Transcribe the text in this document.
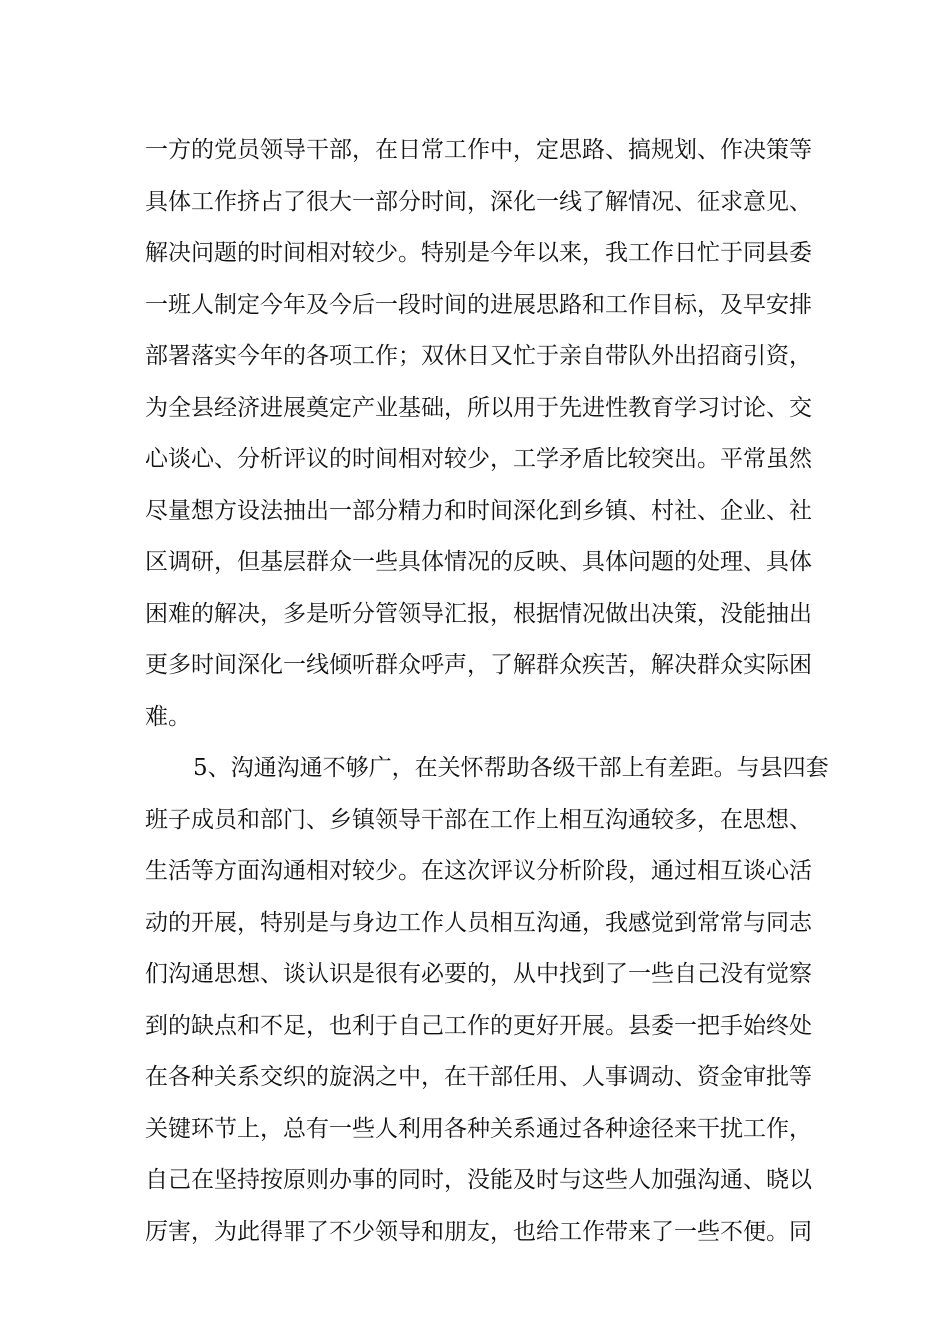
一方的党员领导干部，在日常工作中，定思路、搞规划、作决策等
具体工作挤占了很大一部分时间，深化一线了解情况、征求意见、
解决问题的时间相对较少。特别是今年以来，我工作日忙于同县委
一班人制定今年及今后一段时间的进展思路和工作目标，及早安排
部署落实今年的各项工作；双休日又忙于亲自带队外出招商引资，
为全县经济进展奠定产业基础，所以用于先进性教育学习讨论、交
心谈心、分析评议的时间相对较少，工学矛盾比较突出。平常虽然
尽量想方设法抽出一部分精力和时间深化到乡镇、村社、企业、社
区调研，但基层群众一些具体情况的反映、具体问题的处理、具体
困难的解决，多是听分管领导汇报，根据情况做出决策，没能抽出
更多时间深化一线倾听群众呼声，了解群众疾苦，解决群众实际困
难。
5、沟通沟通不够广，在关怀帮助各级干部上有差距。与县四套
班子成员和部门、乡镇领导干部在工作上相互沟通较多，在思想、
生活等方面沟通相对较少。在这次评议分析阶段，通过相互谈心活
动的开展，特别是与身边工作人员相互沟通，我感觉到常常与同志
们沟通思想、谈认识是很有必要的，从中找到了一些自己没有觉察
到的缺点和不足，也利于自己工作的更好开展。县委一把手始终处
在各种关系交织的旋涡之中，在干部任用、人事调动、资金审批等
关键环节上，总有一些人利用各种关系通过各种途径来干扰工作，
自己在坚持按原则办事的同时，没能及时与这些人加强沟通、晓以
厉害，为此得罪了不少领导和朋友，也给工作带来了一些不便。同
